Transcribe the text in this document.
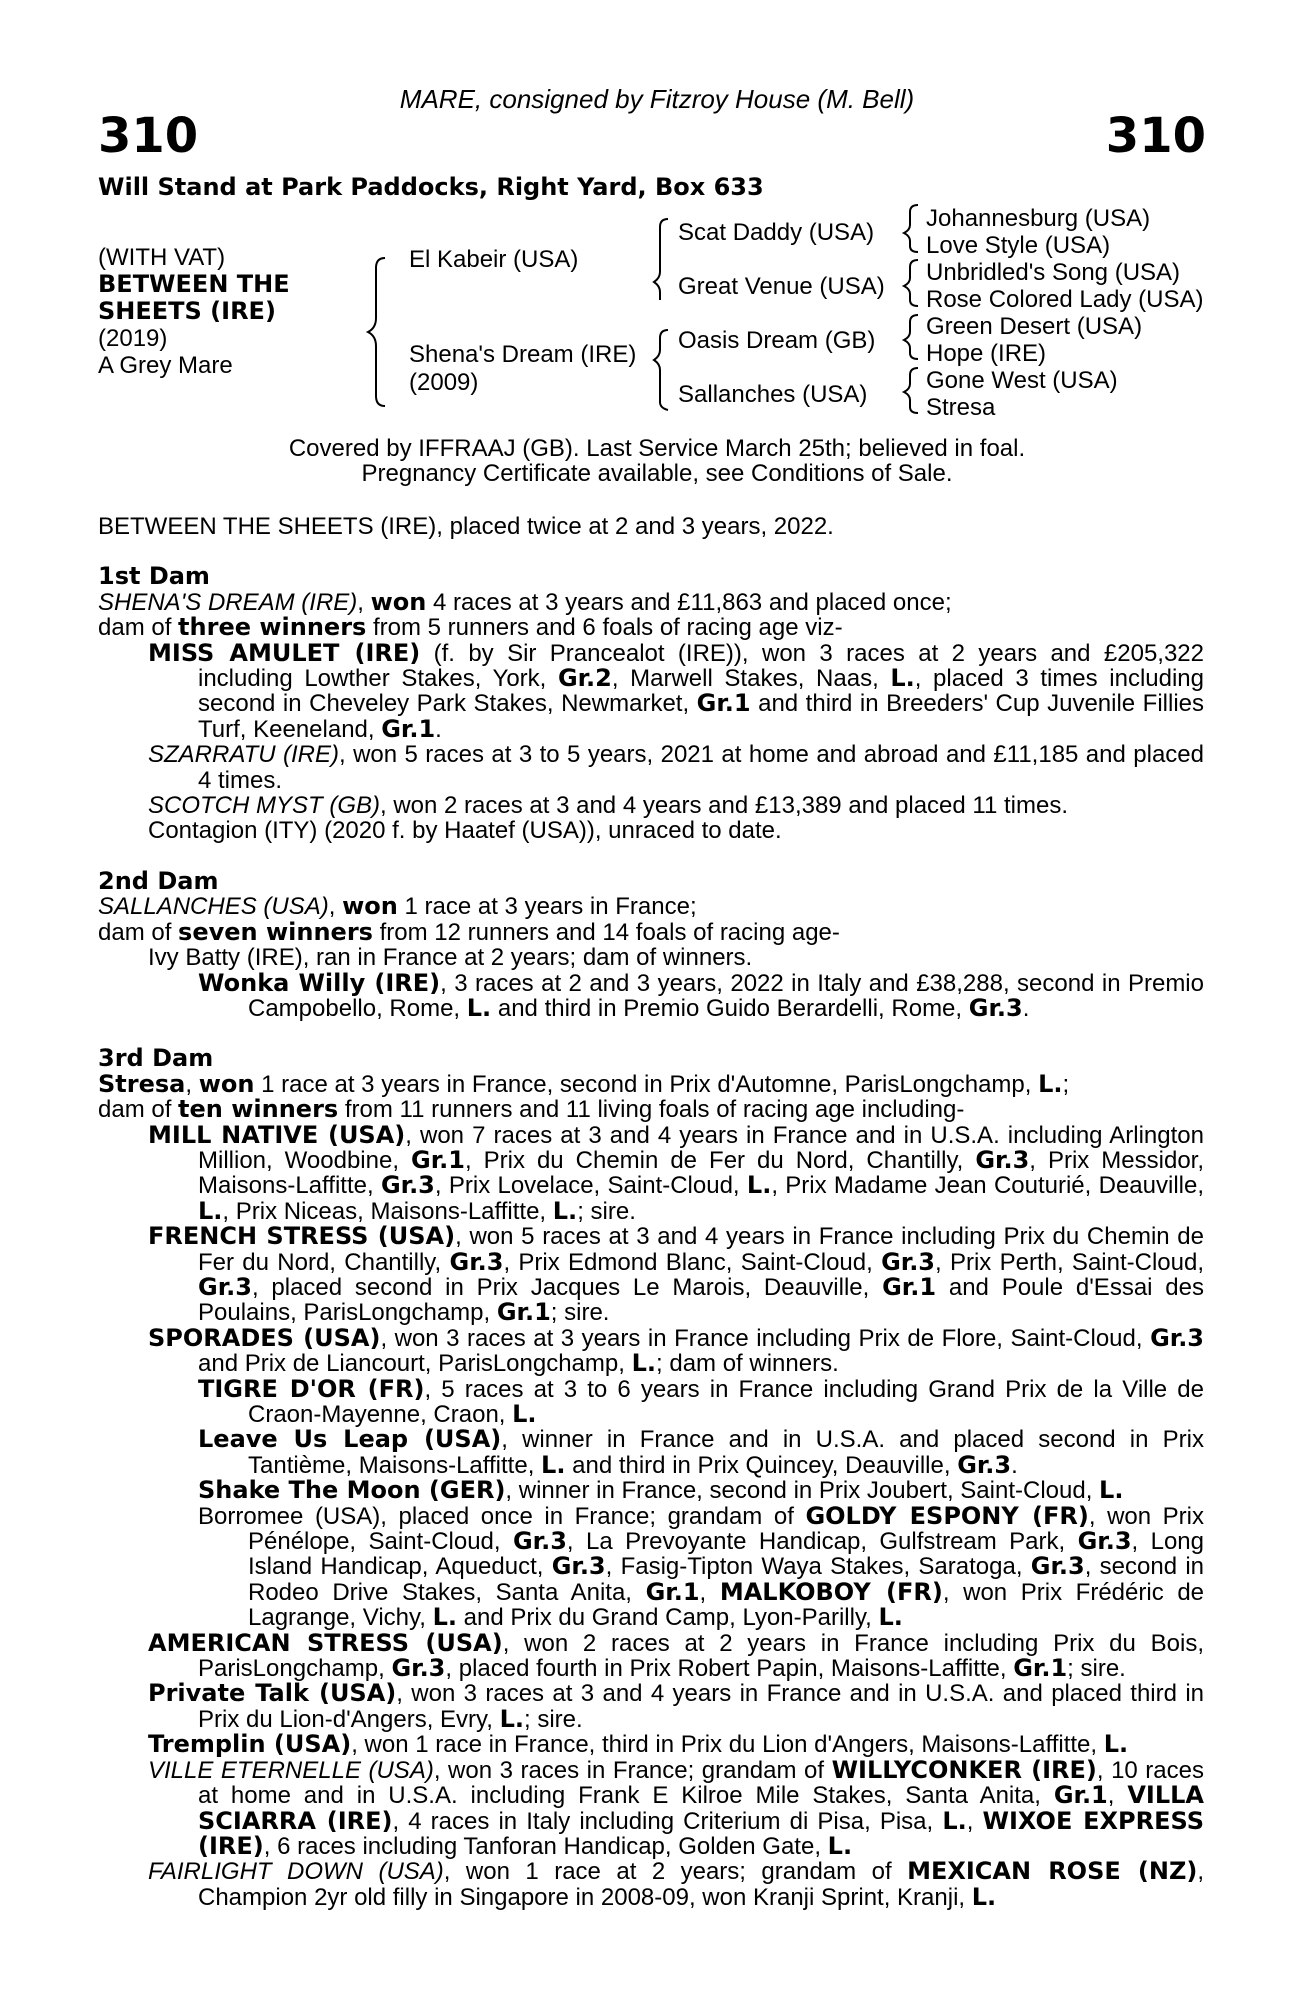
MARE, consigned by Fitzroy House (M. Bell)
310	310
Will Stand at Park Paddocks, Right Yard, Box 633
(WITH VAT)
BETWEEN THE
SHEETS (IRE)
(2019)
A Grey Mare
El Kabeir (USA)
Shena's Dream (IRE)
(2009)
Scat Daddy (USA)
Great Venue (USA)
Oasis Dream (GB)
Sallanches (USA)
Johannesburg (USA)
Love Style (USA)
Unbridled's Song (USA)
Rose Colored Lady (USA)
Green Desert (USA)
Hope (IRE)
Gone West (USA)
Stresa
Covered by IFFRAAJ (GB). Last Service March 25th; believed in foal.
Pregnancy Certificate available, see Conditions of Sale.

BETWEEN THE SHEETS (IRE), placed twice at 2 and 3 years, 2022.

1st Dam

SHENA'S DREAM (IRE), won 4 races at 3 years and £11,863 and placed once;

dam of three winners from 5 runners and 6 foals of racing age viz-

MISS AMULET (IRE) (f. by Sir Prancealot (IRE)), won 3 races at 2 years and £205,322 including Lowther Stakes, York, Gr.2, Marwell Stakes, Naas, L., placed 3 times including second in Cheveley Park Stakes, Newmarket, Gr.1 and third in Breeders' Cup Juvenile Fillies Turf, Keeneland, Gr.1.

SZARRATU (IRE), won 5 races at 3 to 5 years, 2021 at home and abroad and £11,185 and placed 4 times.

SCOTCH MYST (GB), won 2 races at 3 and 4 years and £13,389 and placed 11 times.

Contagion (ITY) (2020 f. by Haatef (USA)), unraced to date.

2nd Dam

SALLANCHES (USA), won 1 race at 3 years in France;

dam of seven winners from 12 runners and 14 foals of racing age-

Ivy Batty (IRE), ran in France at 2 years; dam of winners.

Wonka Willy (IRE), 3 races at 2 and 3 years, 2022 in Italy and £38,288, second in Premio Campobello, Rome, L. and third in Premio Guido Berardelli, Rome, Gr.3.

3rd Dam

Stresa, won 1 race at 3 years in France, second in Prix d'Automne, ParisLongchamp, L.;

dam of ten winners from 11 runners and 11 living foals of racing age including-

MILL NATIVE (USA), won 7 races at 3 and 4 years in France and in U.S.A. including Arlington Million, Woodbine, Gr.1, Prix du Chemin de Fer du Nord, Chantilly, Gr.3, Prix Messidor, Maisons-Laffitte, Gr.3, Prix Lovelace, Saint-Cloud, L., Prix Madame Jean Couturié, Deauville, L., Prix Niceas, Maisons-Laffitte, L.; sire.

FRENCH STRESS (USA), won 5 races at 3 and 4 years in France including Prix du Chemin de Fer du Nord, Chantilly, Gr.3, Prix Edmond Blanc, Saint-Cloud, Gr.3, Prix Perth, Saint-Cloud, Gr.3, placed second in Prix Jacques Le Marois, Deauville, Gr.1 and Poule d'Essai des Poulains, ParisLongchamp, Gr.1; sire.

SPORADES (USA), won 3 races at 3 years in France including Prix de Flore, Saint-Cloud, Gr.3 and Prix de Liancourt, ParisLongchamp, L.; dam of winners.

TIGRE D'OR (FR), 5 races at 3 to 6 years in France including Grand Prix de la Ville de Craon-Mayenne, Craon, L.

Leave Us Leap (USA), winner in France and in U.S.A. and placed second in Prix Tantième, Maisons-Laffitte, L. and third in Prix Quincey, Deauville, Gr.3.

Shake The Moon (GER), winner in France, second in Prix Joubert, Saint-Cloud, L.

Borromee (USA), placed once in France; grandam of GOLDY ESPONY (FR), won Prix Pénélope, Saint-Cloud, Gr.3, La Prevoyante Handicap, Gulfstream Park, Gr.3, Long Island Handicap, Aqueduct, Gr.3, Fasig-Tipton Waya Stakes, Saratoga, Gr.3, second in Rodeo Drive Stakes, Santa Anita, Gr.1, MALKOBOY (FR), won Prix Frédéric de Lagrange, Vichy, L. and Prix du Grand Camp, Lyon-Parilly, L.

AMERICAN STRESS (USA), won 2 races at 2 years in France including Prix du Bois, ParisLongchamp, Gr.3, placed fourth in Prix Robert Papin, Maisons-Laffitte, Gr.1; sire.

Private Talk (USA), won 3 races at 3 and 4 years in France and in U.S.A. and placed third in Prix du Lion-d'Angers, Evry, L.; sire.

Tremplin (USA), won 1 race in France, third in Prix du Lion d'Angers, Maisons-Laffitte, L.

VILLE ETERNELLE (USA), won 3 races in France; grandam of WILLYCONKER (IRE), 10 races at home and in U.S.A. including Frank E Kilroe Mile Stakes, Santa Anita, Gr.1, VILLA SCIARRA (IRE), 4 races in Italy including Criterium di Pisa, Pisa, L., WIXOE EXPRESS (IRE), 6 races including Tanforan Handicap, Golden Gate, L.

FAIRLIGHT DOWN (USA), won 1 race at 2 years; grandam of MEXICAN ROSE (NZ), Champion 2yr old filly in Singapore in 2008-09, won Kranji Sprint, Kranji, L.
